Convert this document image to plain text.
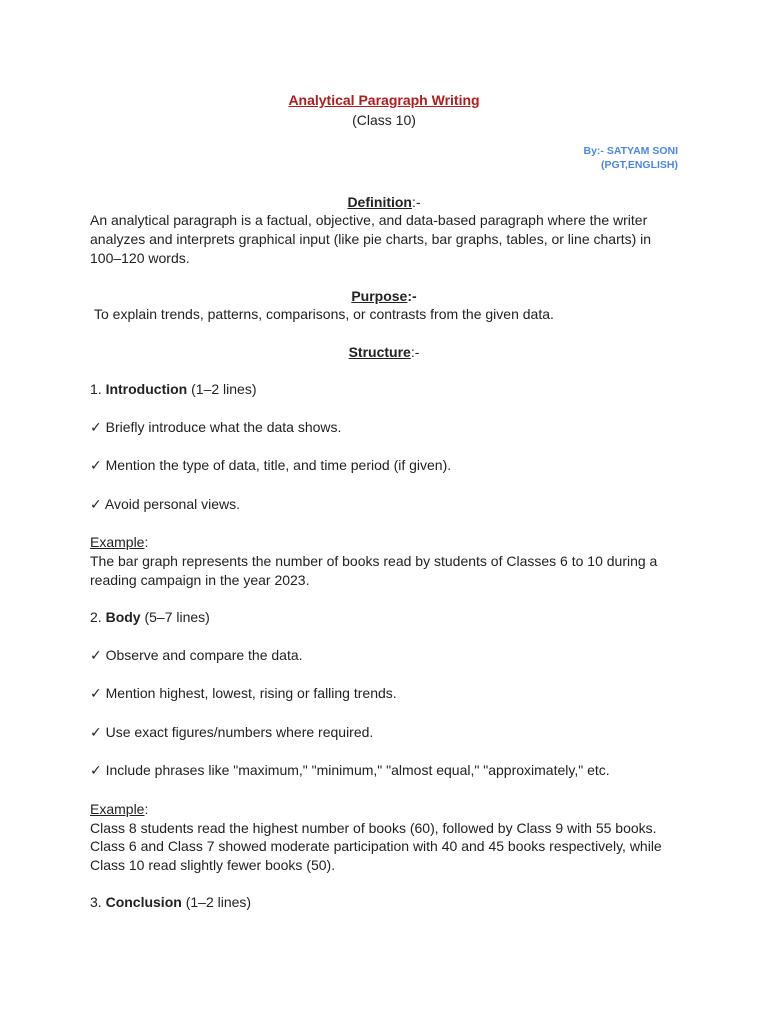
Analytical Paragraph Writing
(Class 10)
By:- SATYAM SONI
(PGT,ENGLISH)
Definition:-

An analytical paragraph is a factual, objective, and data-based paragraph where the writer analyzes and interprets graphical input (like pie charts, bar graphs, tables, or line charts) in 100–120 words.

Purpose:-

To explain trends, patterns, comparisons, or contrasts from the given data.

Structure:-

1. Introduction (1–2 lines)

✓ Briefly introduce what the data shows.

✓ Mention the type of data, title, and time period (if given).

✓ Avoid personal views.

Example:

The bar graph represents the number of books read by students of Classes 6 to 10 during a reading campaign in the year 2023.

2. Body (5–7 lines)

✓ Observe and compare the data.

✓ Mention highest, lowest, rising or falling trends.

✓ Use exact figures/numbers where required.

✓ Include phrases like "maximum," "minimum," "almost equal," "approximately," etc.

Example:

Class 8 students read the highest number of books (60), followed by Class 9 with 55 books. Class 6 and Class 7 showed moderate participation with 40 and 45 books respectively, while Class 10 read slightly fewer books (50).

3. Conclusion (1–2 lines)
